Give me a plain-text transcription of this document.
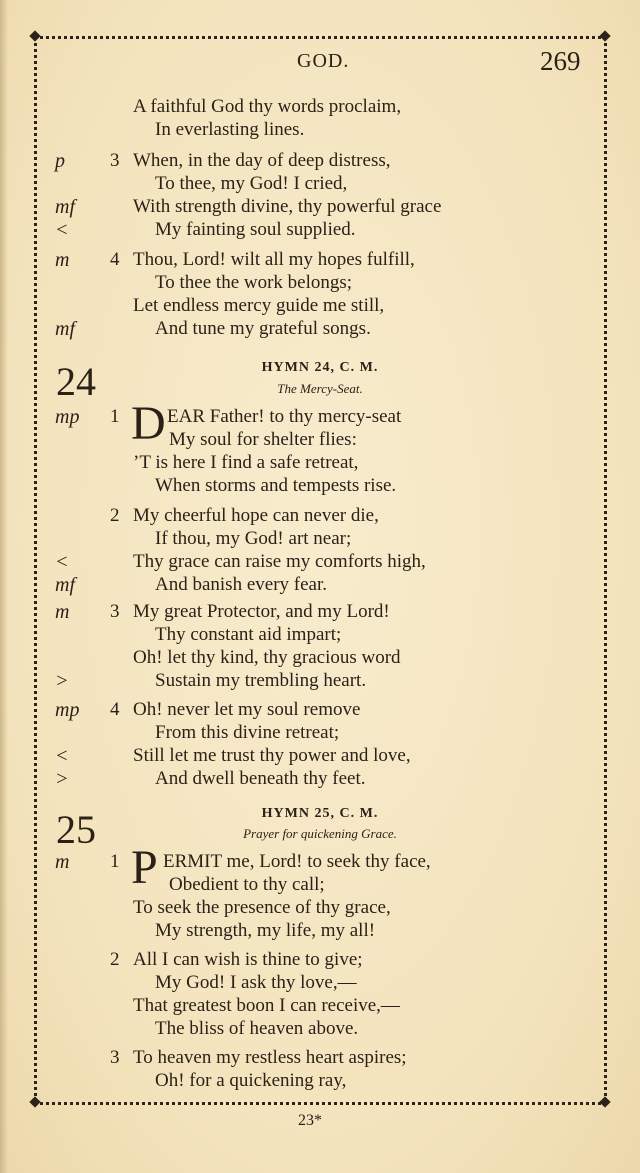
GOD.	269
A faithful God thy words proclaim,
In everlasting lines.
p 3 When, in the day of deep distress,
To thee, my God! I cried,
mf	With strength divine, thy powerful grace
<	My fainting soul supplied.
m 4 Thou, Lord! wilt all my hopes fulfill,
To thee the work belongs;
Let endless mercy guide me still,
mf	And tune my grateful songs.
24	HYMN 24, C. M.
The Mercy-Seat.
mp 1 D EAR Father! to thy mercy-seat
My soul for shelter flies:
’T is here I find a safe retreat,
When storms and tempests rise.
2 My cheerful hope can never die,
If thou, my God! art near;
<	Thy grace can raise my comforts high,
mf	And banish every fear.
m 3 My great Protector, and my Lord!
Thy constant aid impart;
Oh! let thy kind, thy gracious word
>	Sustain my trembling heart.
mp 4 Oh! never let my soul remove
From this divine retreat;
<	Still let me trust thy power and love,
>	And dwell beneath thy feet.
25	HYMN 25, C. M.
Prayer for quickening Grace.
m 1 P ERMIT me, Lord! to seek thy face,
Obedient to thy call;
To seek the presence of thy grace,
My strength, my life, my all!
2 All I can wish is thine to give;
My God! I ask thy love,—
That greatest boon I can receive,—
The bliss of heaven above.
3 To heaven my restless heart aspires;
Oh! for a quickening ray,
23*
